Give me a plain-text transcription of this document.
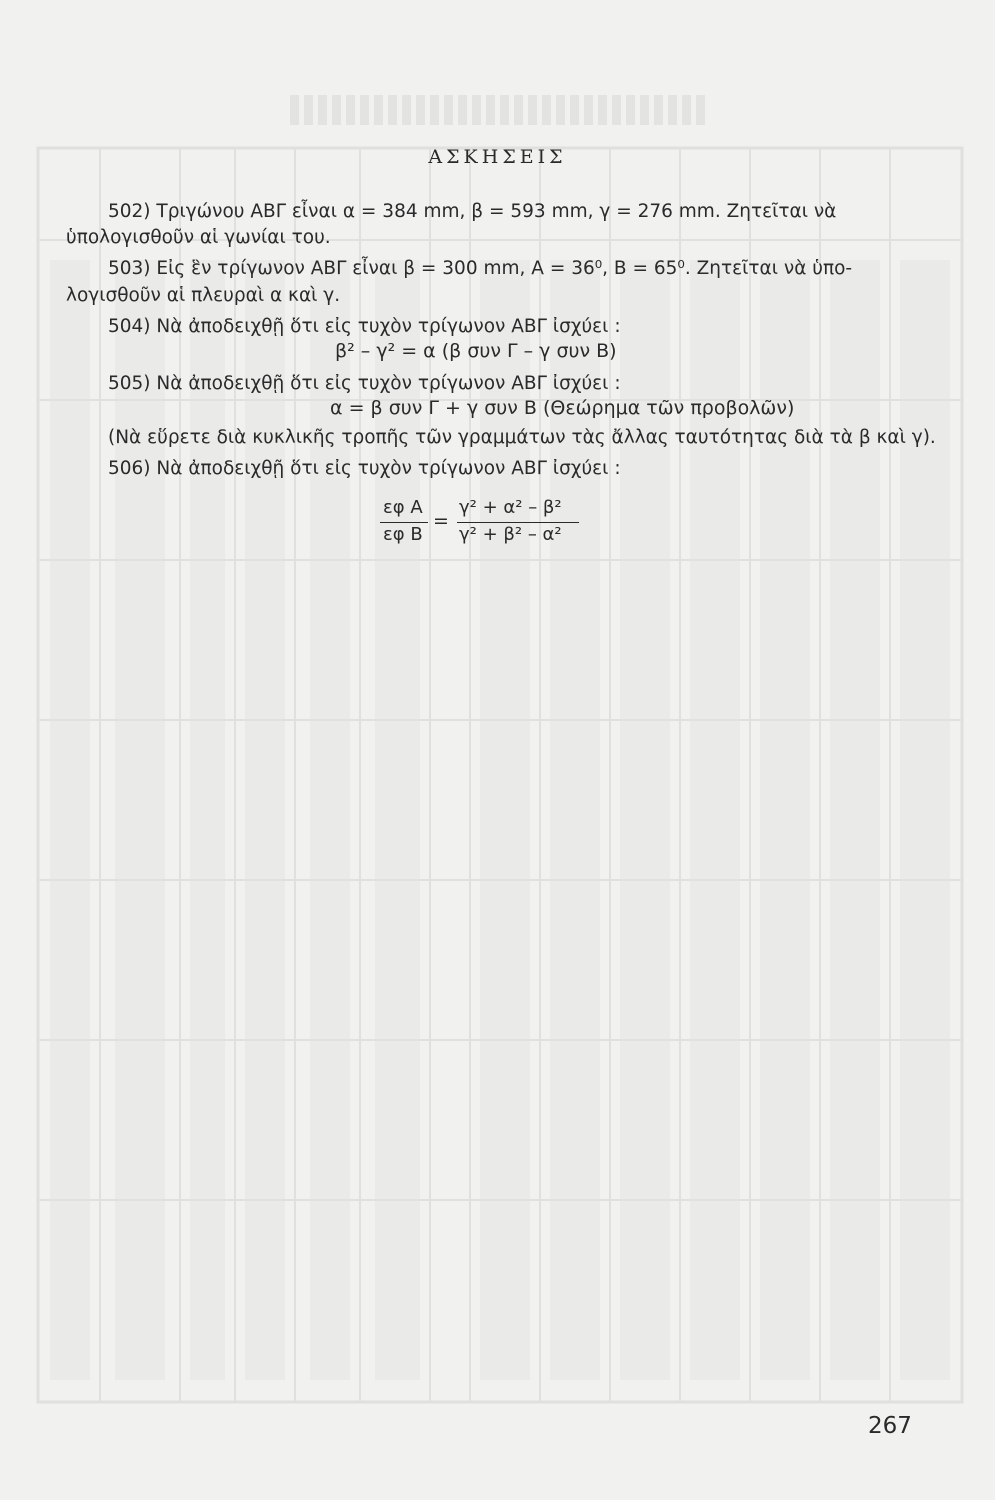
ΑΣΚΗΣΕΙΣ
502) Τριγώνου ΑΒΓ εἶναι α = 384 mm, β = 593 mm, γ = 276 mm. Ζητεῖται νὰ
ὑπολογισθοῦν αἱ γωνίαι του.
503) Εἰς ἓν τρίγωνον ΑΒΓ εἶναι β = 300 mm, Α = 36⁰, Β = 65⁰. Ζητεῖται νὰ ὑπο-
λογισθοῦν αἱ πλευραὶ α καὶ γ.
504) Νὰ ἀποδειχθῇ ὅτι εἰς τυχὸν τρίγωνον ΑΒΓ ἰσχύει :
β² – γ² = α (β συν Γ – γ συν Β)
505) Νὰ ἀποδειχθῇ ὅτι εἰς τυχὸν τρίγωνον ΑΒΓ ἰσχύει :
α = β συν Γ + γ συν Β (Θεώρημα τῶν προβολῶν)
(Νὰ εὕρετε διὰ κυκλικῆς τροπῆς τῶν γραμμάτων τὰς ἄλλας ταυτότητας διὰ τὰ β καὶ γ).
506) Νὰ ἀποδειχθῇ ὅτι εἰς τυχὸν τρίγωνον ΑΒΓ ἰσχύει :
εφ Α
εφ Β
=
γ² + α² – β²
γ² + β² – α²
267
